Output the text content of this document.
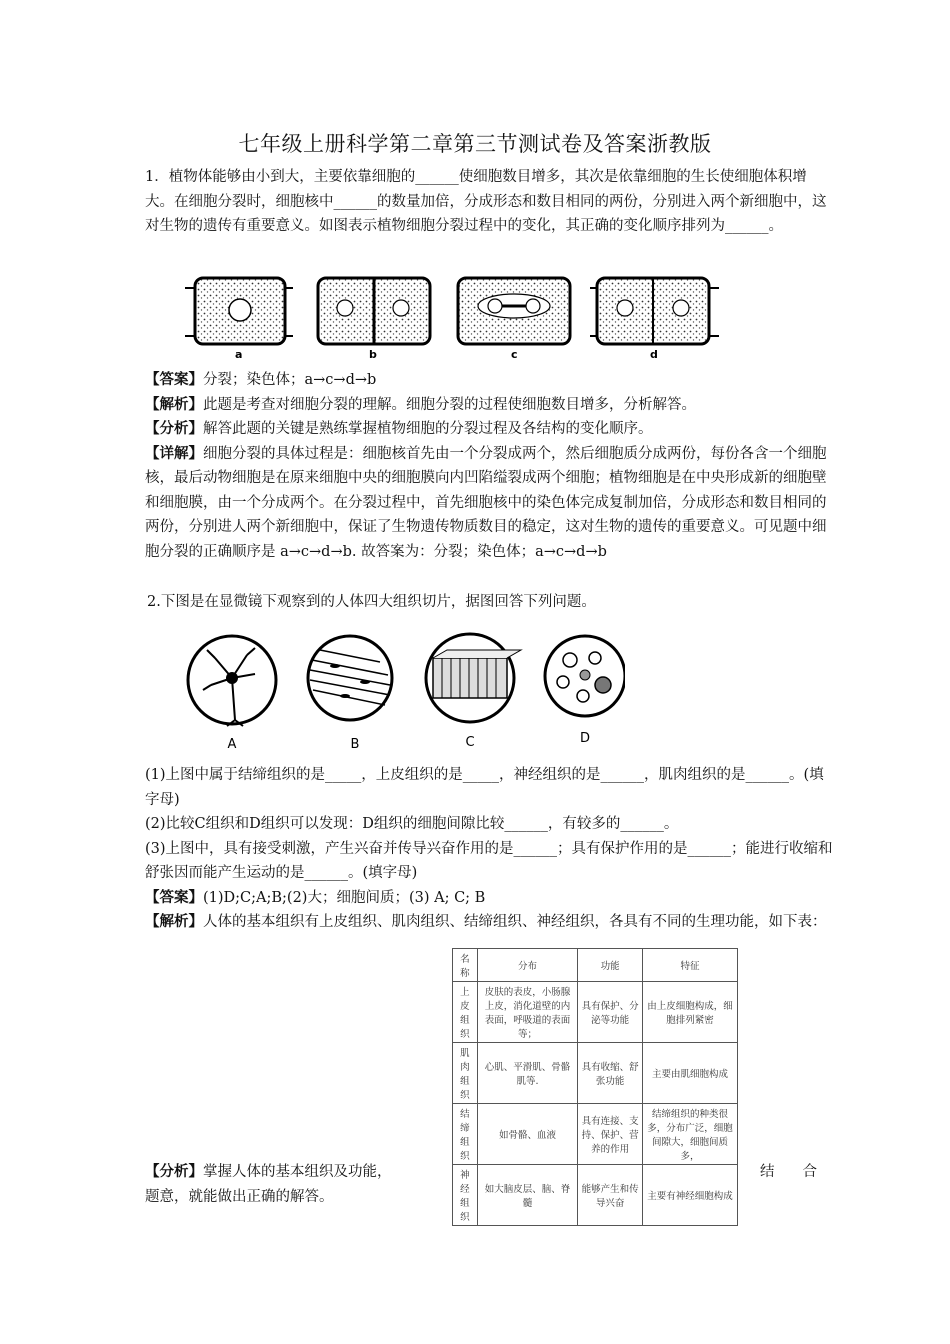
七年级上册科学第二章第三节测试卷及答案浙教版

1．植物体能够由小到大，主要依靠细胞的______使细胞数目增多，其次是依靠细胞的生长使细胞体积增大。在细胞分裂时，细胞核中______的数量加倍，分成形态和数目相同的两份，分别进入两个新细胞中，这对生物的遗传有重要意义。如图表示植物细胞分裂过程中的变化，其正确的变化顺序排列为______。

a	b	c	d
【答案】分裂；染色体；a→c→d→b
【解析】此题是考查对细胞分裂的理解。细胞分裂的过程使细胞数目增多，分析解答。
【分析】解答此题的关键是熟练掌握植物细胞的分裂过程及各结构的变化顺序。
【详解】细胞分裂的具体过程是：细胞核首先由一个分裂成两个，然后细胞质分成两份，每份各含一个细胞核，最后动物细胞是在原来细胞中央的细胞膜向内凹陷缢裂成两个细胞；植物细胞是在中央形成新的细胞壁和细胞膜，由一个分成两个。在分裂过程中，首先细胞核中的染色体完成复制加倍，分成形态和数目相同的两份，分别进人两个新细胞中，保证了生物遗传物质数目的稳定，这对生物的遗传的重要意义。可见题中细胞分裂的正确顺序是 a→c→d→b. 故答案为：分裂；染色体；a→c→d→b

2.下图是在显微镜下观察到的人体四大组织切片，据图回答下列问题。

A	B	C	D
(1)上图中属于结缔组织的是_____，上皮组织的是_____，神经组织的是______，肌肉组织的是______。(填字母)
(2)比较C组织和D组织可以发现：D组织的细胞间隙比较______，有较多的______。
(3)上图中，具有接受刺激，产生兴奋并传导兴奋作用的是______；具有保护作用的是______；能进行收缩和舒张因而能产生运动的是______。(填字母)
【答案】(1)D;C;A;B;(2)大；细胞间质；(3) A; C; B
【解析】人体的基本组织有上皮组织、肌肉组织、结缔组织、神经组织，各具有不同的生理功能，如下表：
名称	分布	功能	特征
上皮组织	皮肤的表皮，小肠腺上皮，消化道壁的内表面，呼吸道的表面等；	具有保护、分泌等功能	由上皮细胞构成，细胞排列紧密
肌肉组织	心肌、平滑肌、骨骼肌等.	具有收缩、舒张功能	主要由肌细胞构成
结缔组织	如骨骼、血液	具有连接、支持、保护、营养的作用	结缔组织的种类很多，分布广泛，细胞间隙大，细胞间质多，
神经组织	如大脑皮层、脑、脊髓	能够产生和传导兴奋	主要有神经细胞构成
【分析】掌握人体的基本组织及功能，	结 合
题意，就能做出正确的解答。
